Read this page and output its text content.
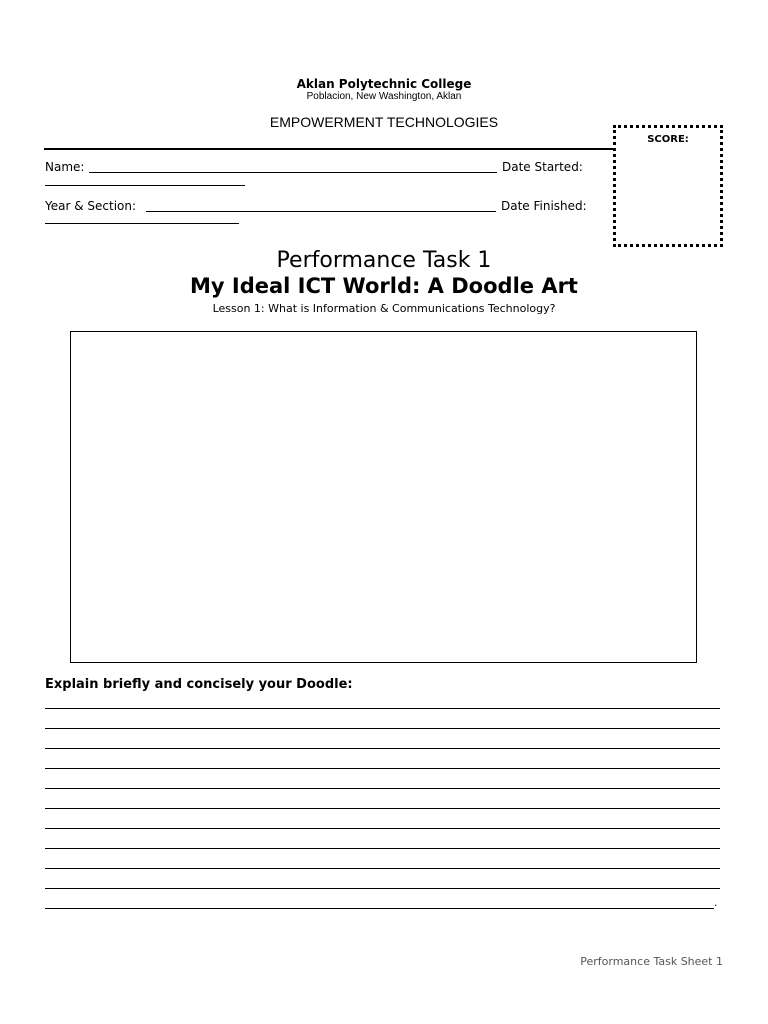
Aklan Polytechnic College
Poblacion, New Washington, Aklan
EMPOWERMENT TECHNOLOGIES
SCORE:
Name:	Date Started:
Year & Section:	Date Finished:
Performance Task 1
My Ideal ICT World: A Doodle Art
Lesson 1: What is Information & Communications Technology?
Explain briefly and concisely your Doodle:
.
Performance Task Sheet 1
